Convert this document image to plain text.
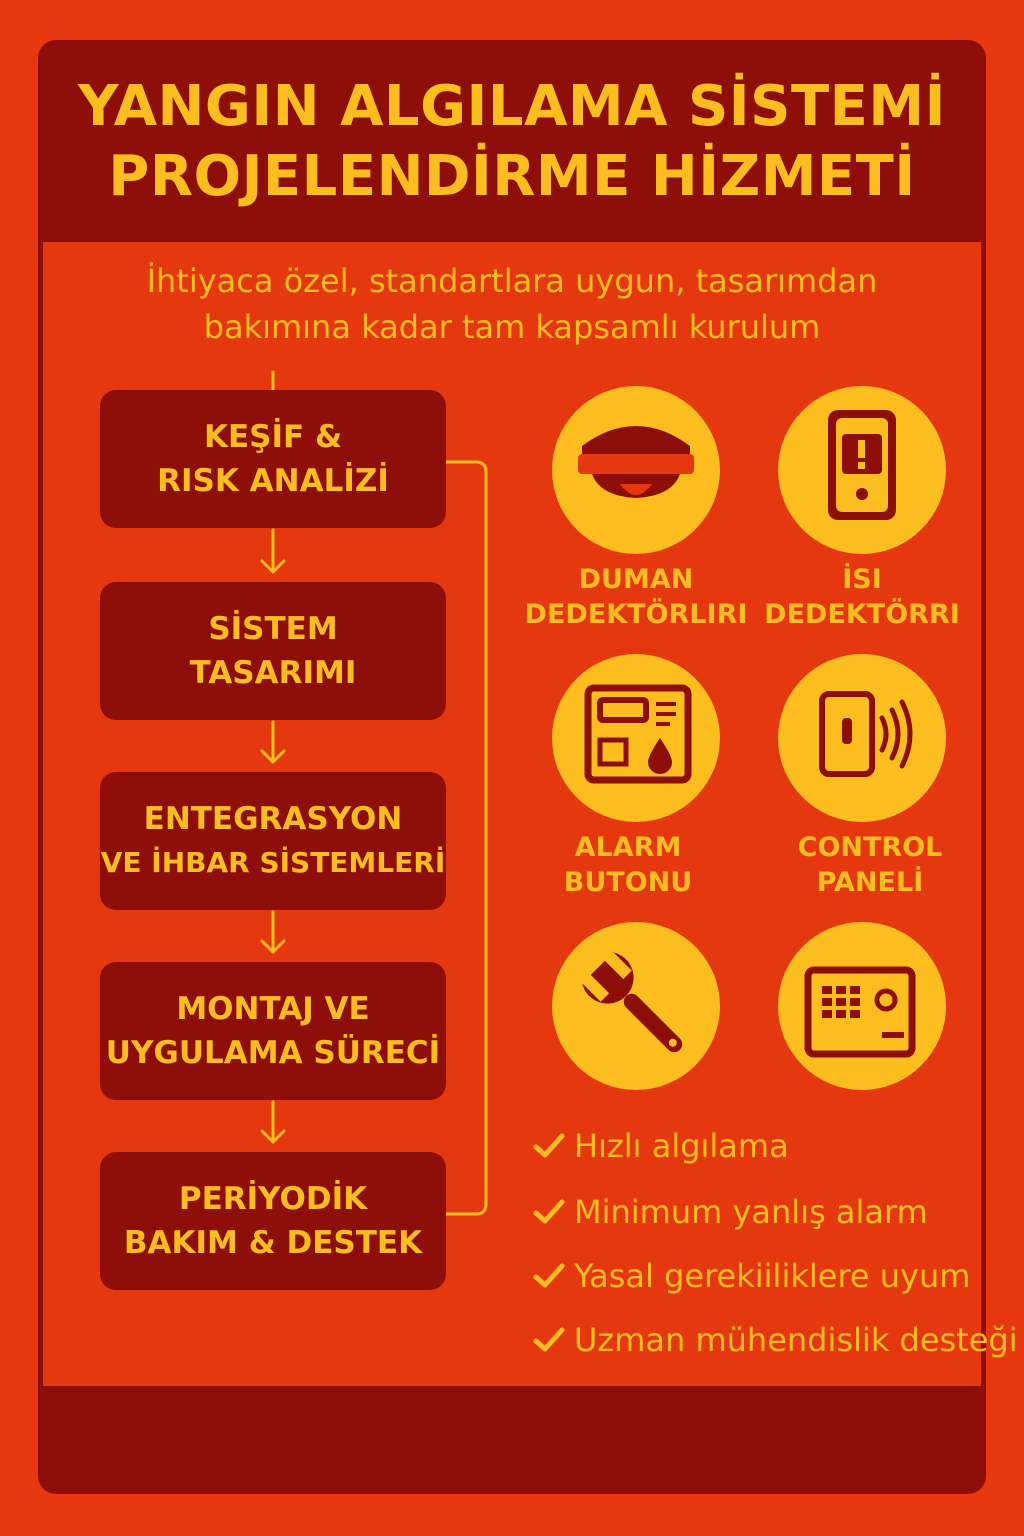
YANGIN ALGILAMA SİSTEMİ
PROJELENDİRME HİZMETİ

İhtiyaca özel, standartlara uygun, tasarımdan
bakımına kadar tam kapsamlı kurulum

KEŞİF &
RISK ANALİZİ
SİSTEM
TASARIMI
ENTEGRASYON
VE İHBAR SİSTEMLERİ
MONTAJ VE
UYGULAMA SÜRECİ
PERİYODİK
BAKIM & DESTEK
DUMAN
DEDEKTÖRLIRI
İSI
DEDEKTÖRRI
ALARM
BUTONU
CONTROL
PANELİ
Hızlı algılama
Minimum yanlış alarm
Yasal gerekiiliklere uyum
Uzman mühendislik desteği
